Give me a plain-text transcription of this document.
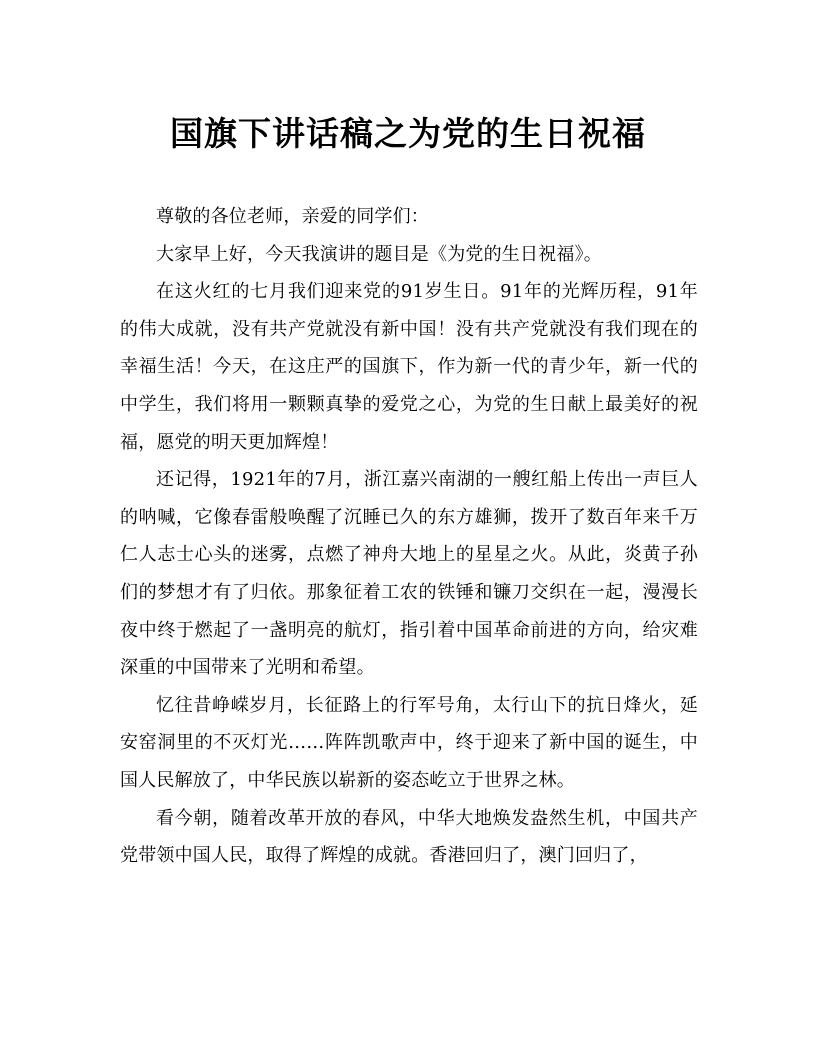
国旗下讲话稿之为党的生日祝福

尊敬的各位老师，亲爱的同学们：

大家早上好，今天我演讲的题目是《为党的生日祝福》。

在这火红的七月我们迎来党的91岁生日。91年的光辉历程，91年的伟大成就，没有共产党就没有新中国！没有共产党就没有我们现在的幸福生活！今天，在这庄严的国旗下，作为新一代的青少年，新一代的中学生，我们将用一颗颗真挚的爱党之心，为党的生日献上最美好的祝福，愿党的明天更加辉煌！

还记得，1921年的7月，浙江嘉兴南湖的一艘红船上传出一声巨人的呐喊，它像春雷般唤醒了沉睡已久的东方雄狮，拨开了数百年来千万仁人志士心头的迷雾，点燃了神舟大地上的星星之火。从此，炎黄子孙们的梦想才有了归依。那象征着工农的铁锤和镰刀交织在一起，漫漫长夜中终于燃起了一盏明亮的航灯，指引着中国革命前进的方向，给灾难深重的中国带来了光明和希望。

忆往昔峥嵘岁月，长征路上的行军号角，太行山下的抗日烽火，延安窑洞里的不灭灯光……阵阵凯歌声中，终于迎来了新中国的诞生，中国人民解放了，中华民族以崭新的姿态屹立于世界之林。

看今朝，随着改革开放的春风，中华大地焕发盎然生机，中国共产党带领中国人民，取得了辉煌的成就。香港回归了，澳门回归了，
